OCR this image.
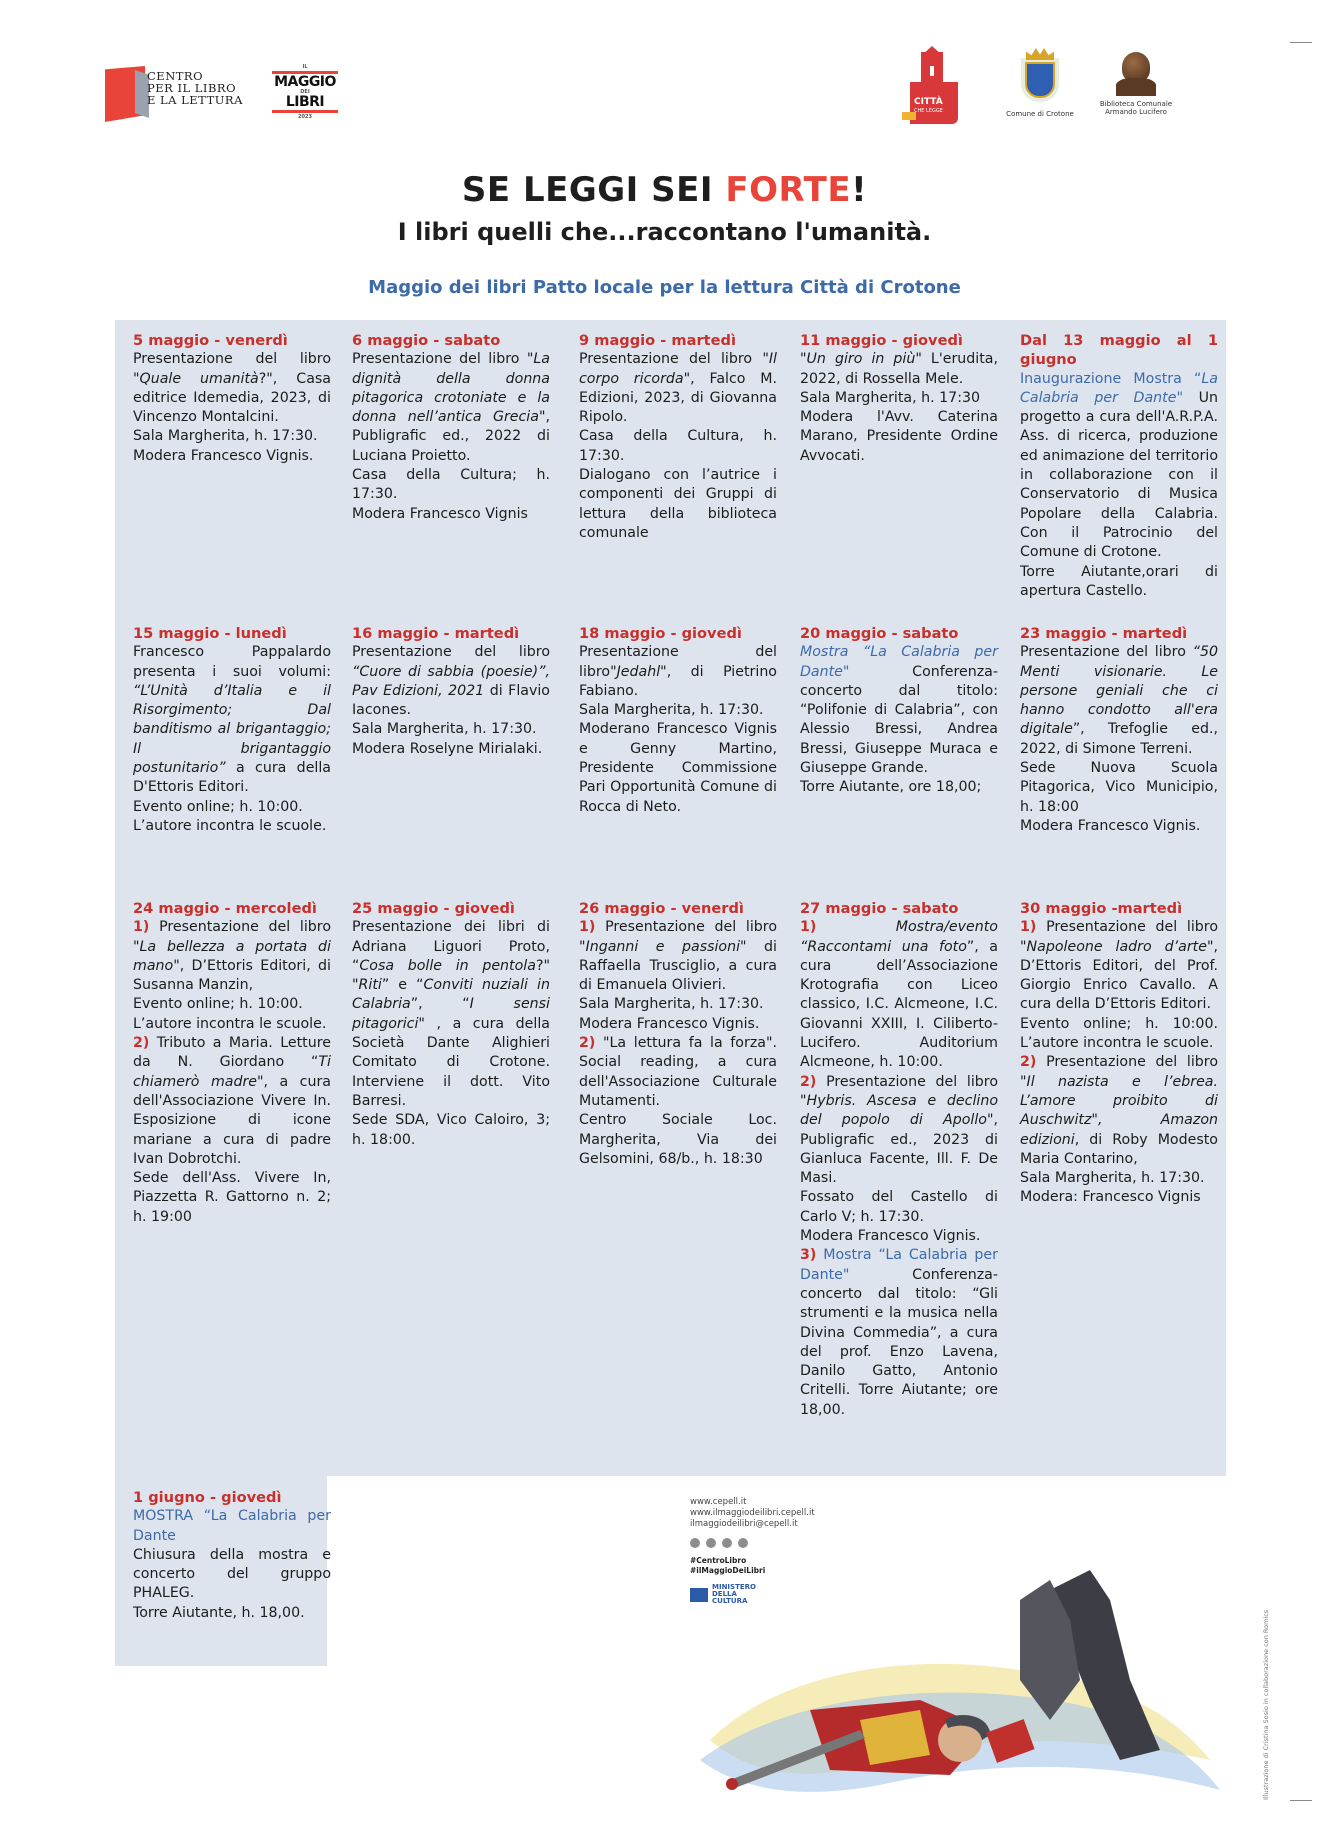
CENTRO
PER IL LIBRO
E LA LETTURA
IL
MAGGIO
DEI
LIBRI
2023
CITTÀ
CHE LEGGE	Comune di Crotone
Biblioteca Comunale
Armando Lucifero
SE LEGGI SEI FORTE!
I libri quelli che...raccontano l'umanità.
Maggio dei libri Patto locale per la lettura Città di Crotone
5 maggio - venerdì

Presentazione del libro "Quale umanità?", Casa editrice Idemedia, 2023, di Vincenzo Montalcini.
Sala Margherita, h. 17:30.
Modera Francesco Vignis.

6 maggio - sabato

Presentazione del libro "La dignità della donna pitagorica crotoniate e la donna nell’antica Grecia", Publigrafic ed., 2022 di Luciana Proietto.
Casa della Cultura; h. 17:30.
Modera Francesco Vignis

9 maggio - martedì

Presentazione del libro "Il corpo ricorda", Falco M. Edizioni, 2023, di Giovanna Ripolo.
Casa della Cultura, h. 17:30.
Dialogano con l’autrice i componenti dei Gruppi di lettura della biblioteca comunale

11 maggio - giovedì

"Un giro in più" L'erudita, 2022, di Rossella Mele.
Sala Margherita, h. 17:30
Modera l'Avv. Caterina Marano, Presidente Ordine Avvocati.

Dal 13 maggio al 1 giugno

Inaugurazione Mostra “La Calabria per Dante" Un progetto a cura dell'A.R.P.A. Ass. di ricerca, produzione ed animazione del territorio in collaborazione con il Conservatorio di Musica Popolare della Calabria. Con il Patrocinio del Comune di Crotone.
Torre Aiutante,orari di apertura Castello.

15 maggio - lunedì

Francesco Pappalardo presenta i suoi volumi: “L’Unità d’Italia e il Risorgimento; Dal banditismo al brigantaggio; Il brigantaggio postunitario” a cura della D'Ettoris Editori.
Evento online; h. 10:00.
L’autore incontra le scuole.

16 maggio - martedì

Presentazione del libro “Cuore di sabbia (poesie)”, Pav Edizioni, 2021 di Flavio Iacones.
Sala Margherita, h. 17:30.
Modera Roselyne Mirialaki.

18 maggio - giovedì

Presentazione del libro"Jedahl", di Pietrino Fabiano.
Sala Margherita, h. 17:30.
Moderano Francesco Vignis e Genny Martino, Presidente Commissione Pari Opportunità Comune di Rocca di Neto.

20 maggio - sabato

Mostra “La Calabria per Dante" Conferenza-concerto dal titolo: “Polifonie di Calabria”, con Alessio Bressi, Andrea Bressi, Giuseppe Muraca e Giuseppe Grande.
Torre Aiutante, ore 18,00;

23 maggio - martedì

Presentazione del libro “50 Menti visionarie. Le persone geniali che ci hanno condotto all'era digitale”, Trefoglie ed., 2022, di Simone Terreni.
Sede Nuova Scuola Pitagorica, Vico Municipio, h. 18:00
Modera Francesco Vignis.

24 maggio - mercoledì

1) Presentazione del libro "La bellezza a portata di mano", D’Ettoris Editori, di Susanna Manzin,
Evento online; h. 10:00.
L’autore incontra le scuole.
2) Tributo a Maria. Letture da N. Giordano “Ti chiamerò madre", a cura dell'Associazione Vivere In. Esposizione di icone mariane a cura di padre Ivan Dobrotchi.
Sede dell'Ass. Vivere In, Piazzetta R. Gattorno n. 2; h. 19:00

25 maggio - giovedì

Presentazione dei libri di Adriana Liguori Proto, “Cosa bolle in pentola?" "Riti” e “Conviti nuziali in Calabria”, “I sensi pitagorici" , a cura della Società Dante Alighieri Comitato di Crotone. Interviene il dott. Vito Barresi.
Sede SDA, Vico Caloiro, 3; h. 18:00.

26 maggio - venerdì

1) Presentazione del libro "Inganni e passioni" di Raffaella Trusciglio, a cura di Emanuela Olivieri.
Sala Margherita, h. 17:30.
Modera Francesco Vignis.
2) "La lettura fa la forza". Social reading, a cura dell'Associazione Culturale Mutamenti.
Centro Sociale Loc. Margherita, Via dei Gelsomini, 68/b., h. 18:30

27 maggio - sabato

1)	Mostra/evento “Raccontami una foto”, a cura dell’Associazione Krotografia con Liceo classico, I.C. Alcmeone, I.C. Giovanni XXIII, I. Ciliberto-Lucifero. Auditorium Alcmeone, h. 10:00.
2) Presentazione del libro "Hybris. Ascesa e declino del popolo di Apollo", Publigrafic ed., 2023 di Gianluca Facente, Ill. F. De Masi.
Fossato del Castello di Carlo V; h. 17:30.
Modera Francesco Vignis.
3) Mostra “La Calabria per Dante" Conferenza-concerto dal titolo: “Gli strumenti e la musica nella Divina Commedia”, a cura del prof. Enzo Lavena, Danilo Gatto, Antonio Critelli. Torre Aiutante; ore 18,00.

30 maggio -martedì

1) Presentazione del libro "Napoleone ladro d’arte", D’Ettoris Editori, del Prof. Giorgio Enrico Cavallo. A cura della D’Ettoris Editori.
Evento online; h. 10:00. L’autore incontra le scuole.
2) Presentazione del libro "Il nazista e l’ebrea. L’amore proibito di Auschwitz", Amazon edizioni, di Roby Modesto Maria Contarino,
Sala Margherita, h. 17:30.
Modera: Francesco Vignis

1 giugno - giovedì

MOSTRA “La Calabria per Dante
Chiusura della mostra e concerto del gruppo PHALEG.
Torre Aiutante, h. 18,00.

www.cepell.it
www.ilmaggiodeilibri.cepell.it
ilmaggiodeilibri@cepell.it
#CentroLibro
#ilMaggioDeiLibri
MINISTERO
DELLA
CULTURA
Illustrazione di Cristina Sosio in collaborazione con Romics
